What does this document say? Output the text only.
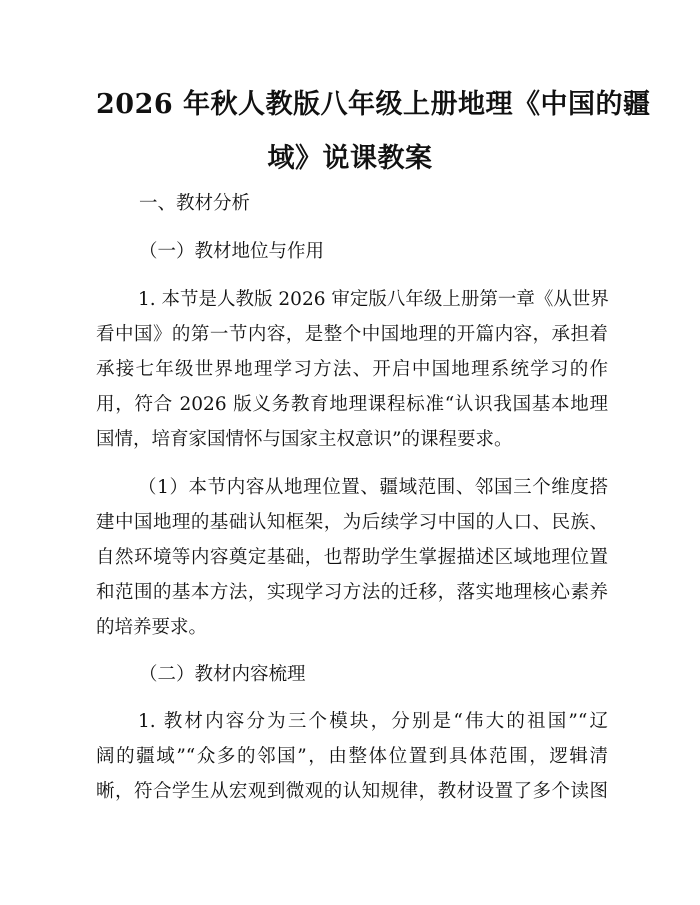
2026 年秋人教版八年级上册地理《中国的疆
域》说课教案

一、教材分析

（一）教材地位与作用

1. 本节是人教版 2026 审定版八年级上册第一章《从世界
看中国》的第一节内容，是整个中国地理的开篇内容，承担着
承接七年级世界地理学习方法、开启中国地理系统学习的作
用，符合 2026 版义务教育地理课程标准“认识我国基本地理
国情，培育家国情怀与国家主权意识”的课程要求。
（1）本节内容从地理位置、疆域范围、邻国三个维度搭
建中国地理的基础认知框架，为后续学习中国的人口、民族、
自然环境等内容奠定基础，也帮助学生掌握描述区域地理位置
和范围的基本方法，实现学习方法的迁移，落实地理核心素养
的培养要求。

（二）教材内容梳理

1. 教材内容分为三个模块，分别是“伟大的祖国”“辽
阔的疆域”“众多的邻国”，由整体位置到具体范围，逻辑清
晰，符合学生从宏观到微观的认知规律，教材设置了多个读图
